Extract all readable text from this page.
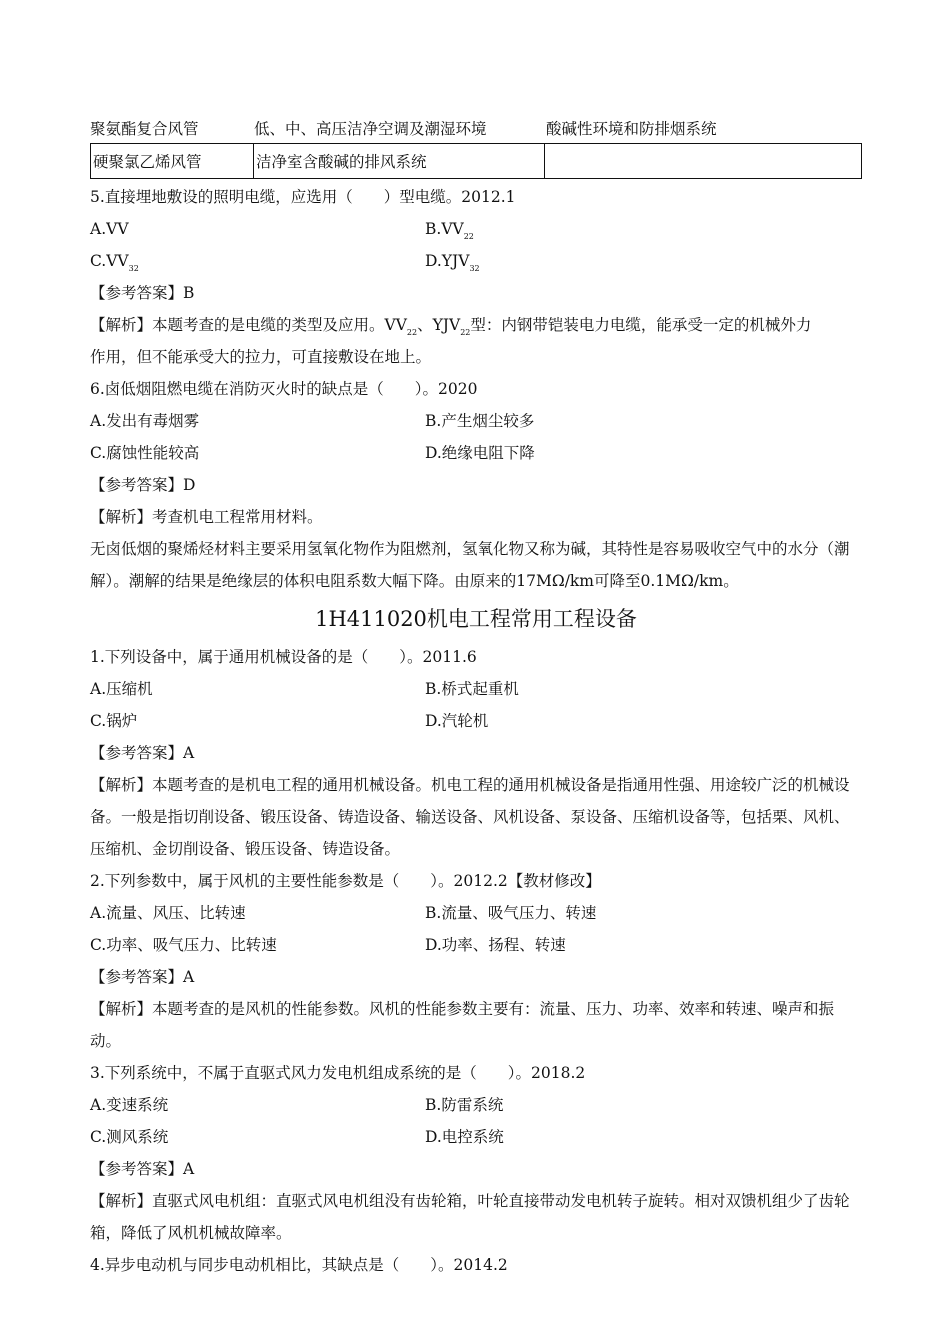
聚氨酯复合风管	低、中、高压洁净空调及潮湿环境	酸碱性环境和防排烟系统
硬聚氯乙烯风管	洁净室含酸碱的排风系统	
5.直接埋地敷设的照明电缆，应选用（　　）型电缆。2012.1
A.VV	$B.VV_{22}$
$C.VV_{32}$	$D.YJV_{32}$
【参考答案】B
【解析】本题考查的是电缆的类型及应用。$VV_{22}$、$YJV_{22}$型：内钢带铠装电力电缆，能承受一定的机械外力
作用，但不能承受大的拉力，可直接敷设在地上。
6.卤低烟阻燃电缆在消防灭火时的缺点是（　　）。2020
A.发出有毒烟雾	B.产生烟尘较多
C.腐蚀性能较高	D.绝缘电阻下降
【参考答案】D
【解析】考查机电工程常用材料。
无卤低烟的聚烯烃材料主要采用氢氧化物作为阻燃剂，氢氧化物又称为碱，其特性是容易吸收空气中的水分（潮解）。潮解的结果是绝缘层的体积电阻系数大幅下降。由原来的17MΩ/km可降至0.1MΩ/km。
1H411020机电工程常用工程设备
1.下列设备中，属于通用机械设备的是（　　）。2011.6
A.压缩机	B.桥式起重机
C.锅炉	D.汽轮机
【参考答案】A
【解析】本题考查的是机电工程的通用机械设备。机电工程的通用机械设备是指通用性强、用途较广泛的机械设备。一般是指切削设备、锻压设备、铸造设备、输送设备、风机设备、泵设备、压缩机设备等，包括栗、风机、压缩机、金切削设备、锻压设备、铸造设备。
2.下列参数中，属于风机的主要性能参数是（　　）。2012.2【教材修改】
A.流量、风压、比转速	B.流量、吸气压力、转速
C.功率、吸气压力、比转速	D.功率、扬程、转速
【参考答案】A
【解析】本题考查的是风机的性能参数。风机的性能参数主要有：流量、压力、功率、效率和转速、噪声和振动。
3.下列系统中，不属于直驱式风力发电机组成系统的是（　　）。2018.2
A.变速系统	B.防雷系统
C.测风系统	D.电控系统
【参考答案】A
【解析】直驱式风电机组：直驱式风电机组没有齿轮箱，叶轮直接带动发电机转子旋转。相对双馈机组少了齿轮箱，降低了风机机械故障率。
4.异步电动机与同步电动机相比，其缺点是（　　）。2014.2
